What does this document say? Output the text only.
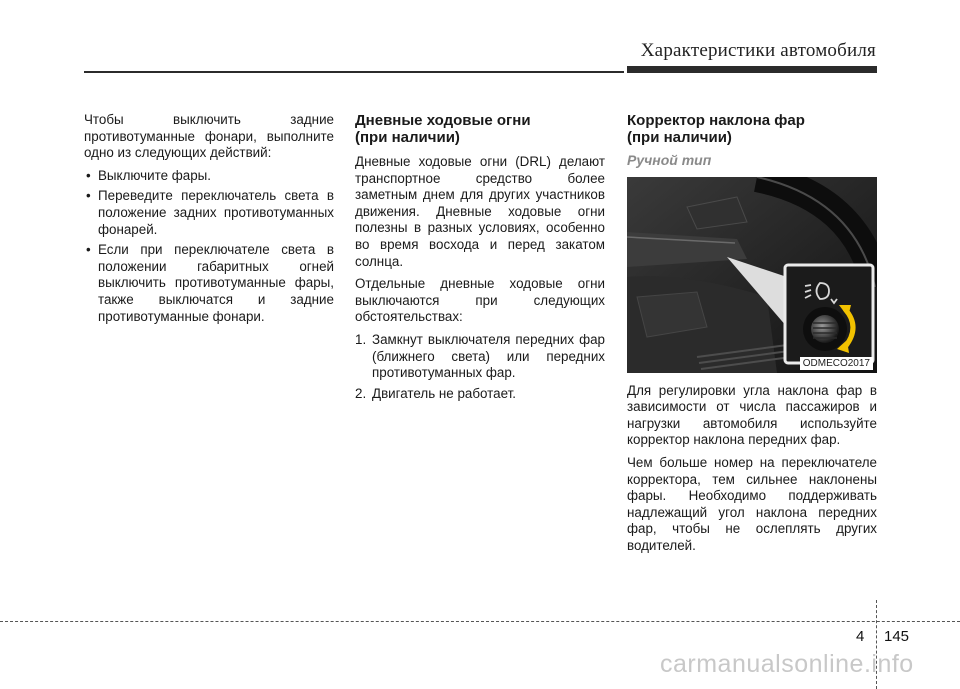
Характеристики автомобиля

Чтобы выключить задние противотуманные фонари, выполните одно из следующих действий:

• Выключите фары.
• Переведите переключатель света в положение задних противотуманных фонарей.
• Если при переключателе света в положении габаритных огней выключить противотуманные фары, также выключатся и задние противотуманные фонари.
Дневные ходовые огни
(при наличии)

Дневные ходовые огни (DRL) делают транспортное средство более заметным днем для других участников движения. Дневные ходовые огни полезны в разных условиях, особенно во время восхода и перед закатом солнца.

Отдельные дневные ходовые огни выключаются при следующих обстоятельствах:

1. Замкнут выключателя передних фар (ближнего света) или передних противотуманных фар.
2. Двигатель не работает.
Корректор наклона фар
(при наличии)
Ручной тип
ODMECO2017

Для регулировки угла наклона фар в зависимости от числа пассажиров и нагрузки автомобиля используйте корректор наклона передних фар.

Чем больше номер на переключателе корректора, тем сильнее наклонены фары. Необходимо поддерживать надлежащий угол наклона передних фар, чтобы не ослеплять других водителей.

4 145
carmanualsonline.info
